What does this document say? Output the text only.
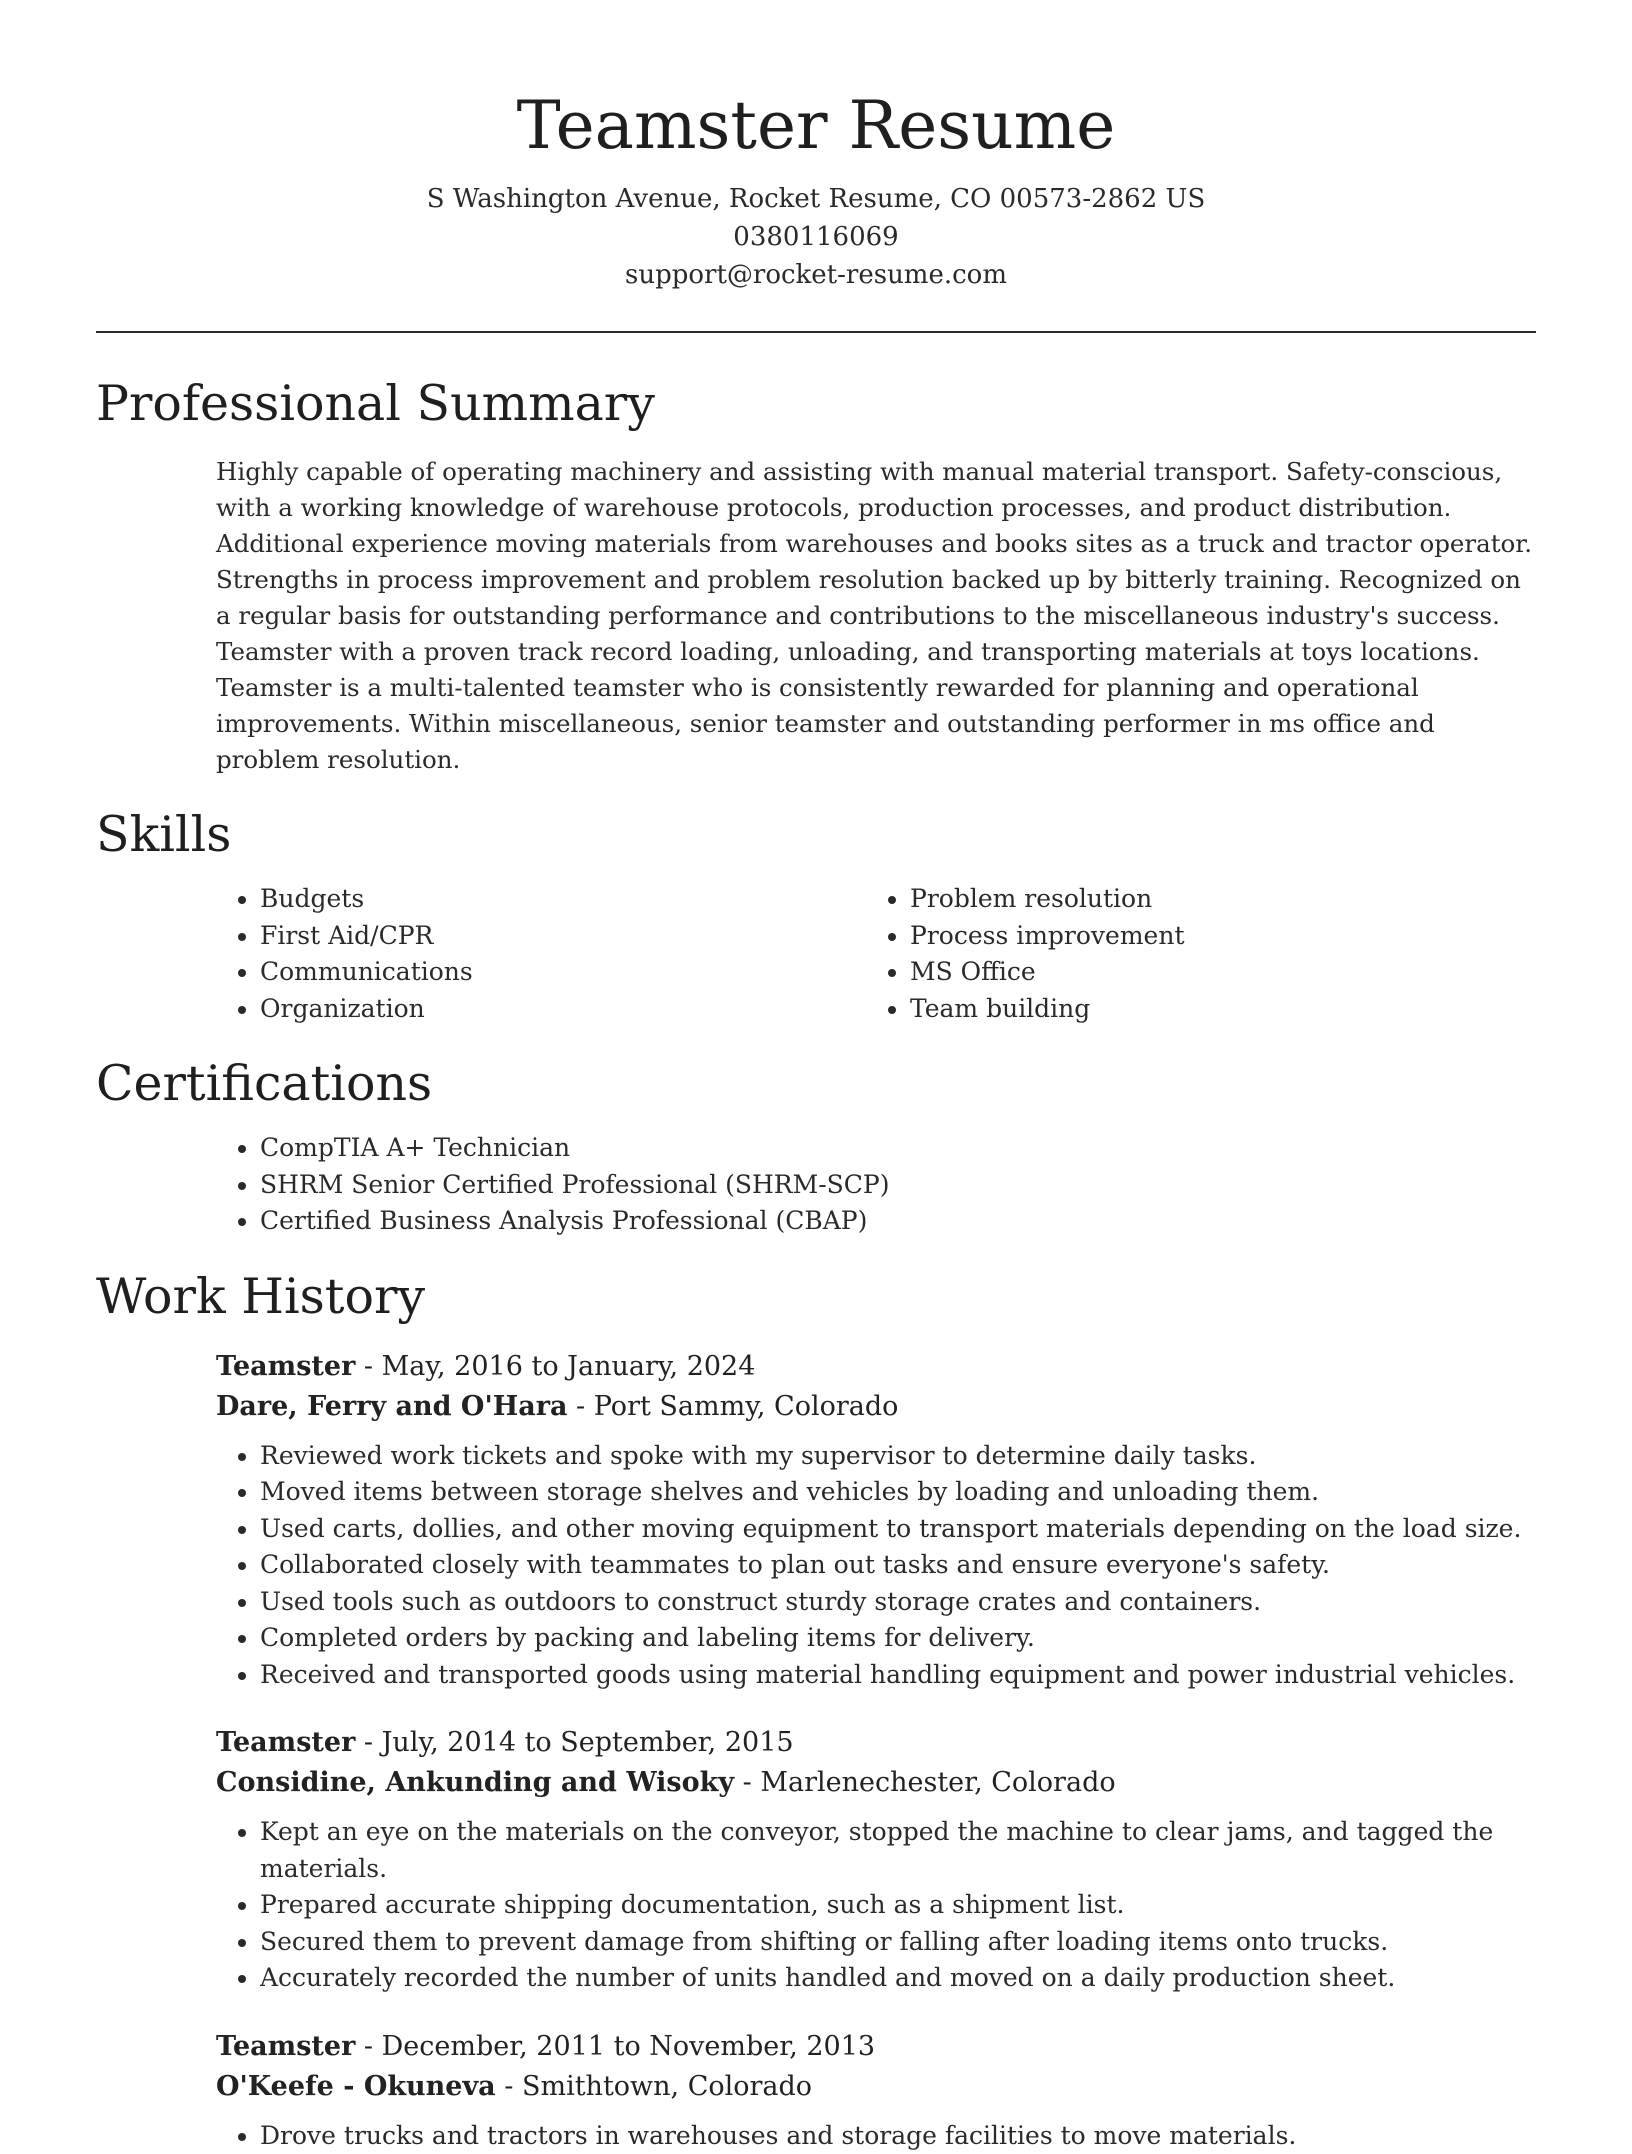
Teamster Resume
S Washington Avenue, Rocket Resume, CO 00573-2862 US
0380116069
support@rocket-resume.com
Professional Summary

Highly capable of operating machinery and assisting with manual material transport. Safety-conscious, with a working knowledge of warehouse protocols, production processes, and product distribution. Additional experience moving materials from warehouses and books sites as a truck and tractor operator. Strengths in process improvement and problem resolution backed up by bitterly training. Recognized on a regular basis for outstanding performance and contributions to the miscellaneous industry's success. Teamster with a proven track record loading, unloading, and transporting materials at toys locations. Teamster is a multi-talented teamster who is consistently rewarded for planning and operational improvements. Within miscellaneous, senior teamster and outstanding performer in ms office and problem resolution.

Skills
• Budgets
• First Aid/CPR
• Communications
• Organization
• Problem resolution
• Process improvement
• MS Office
• Team building
Certifications
• CompTIA A+ Technician
• SHRM Senior Certified Professional (SHRM-SCP)
• Certified Business Analysis Professional (CBAP)
Work History
Teamster - May, 2016 to January, 2024
Dare, Ferry and O'Hara - Port Sammy, Colorado
• Reviewed work tickets and spoke with my supervisor to determine daily tasks.
• Moved items between storage shelves and vehicles by loading and unloading them.
• Used carts, dollies, and other moving equipment to transport materials depending on the load size.
• Collaborated closely with teammates to plan out tasks and ensure everyone's safety.
• Used tools such as outdoors to construct sturdy storage crates and containers.
• Completed orders by packing and labeling items for delivery.
• Received and transported goods using material handling equipment and power industrial vehicles.
Teamster - July, 2014 to September, 2015
Considine, Ankunding and Wisoky - Marlenechester, Colorado
• Kept an eye on the materials on the conveyor, stopped the machine to clear jams, and tagged the materials.
• Prepared accurate shipping documentation, such as a shipment list.
• Secured them to prevent damage from shifting or falling after loading items onto trucks.
• Accurately recorded the number of units handled and moved on a daily production sheet.
Teamster - December, 2011 to November, 2013
O'Keefe - Okuneva - Smithtown, Colorado
• Drove trucks and tractors in warehouses and storage facilities to move materials.
